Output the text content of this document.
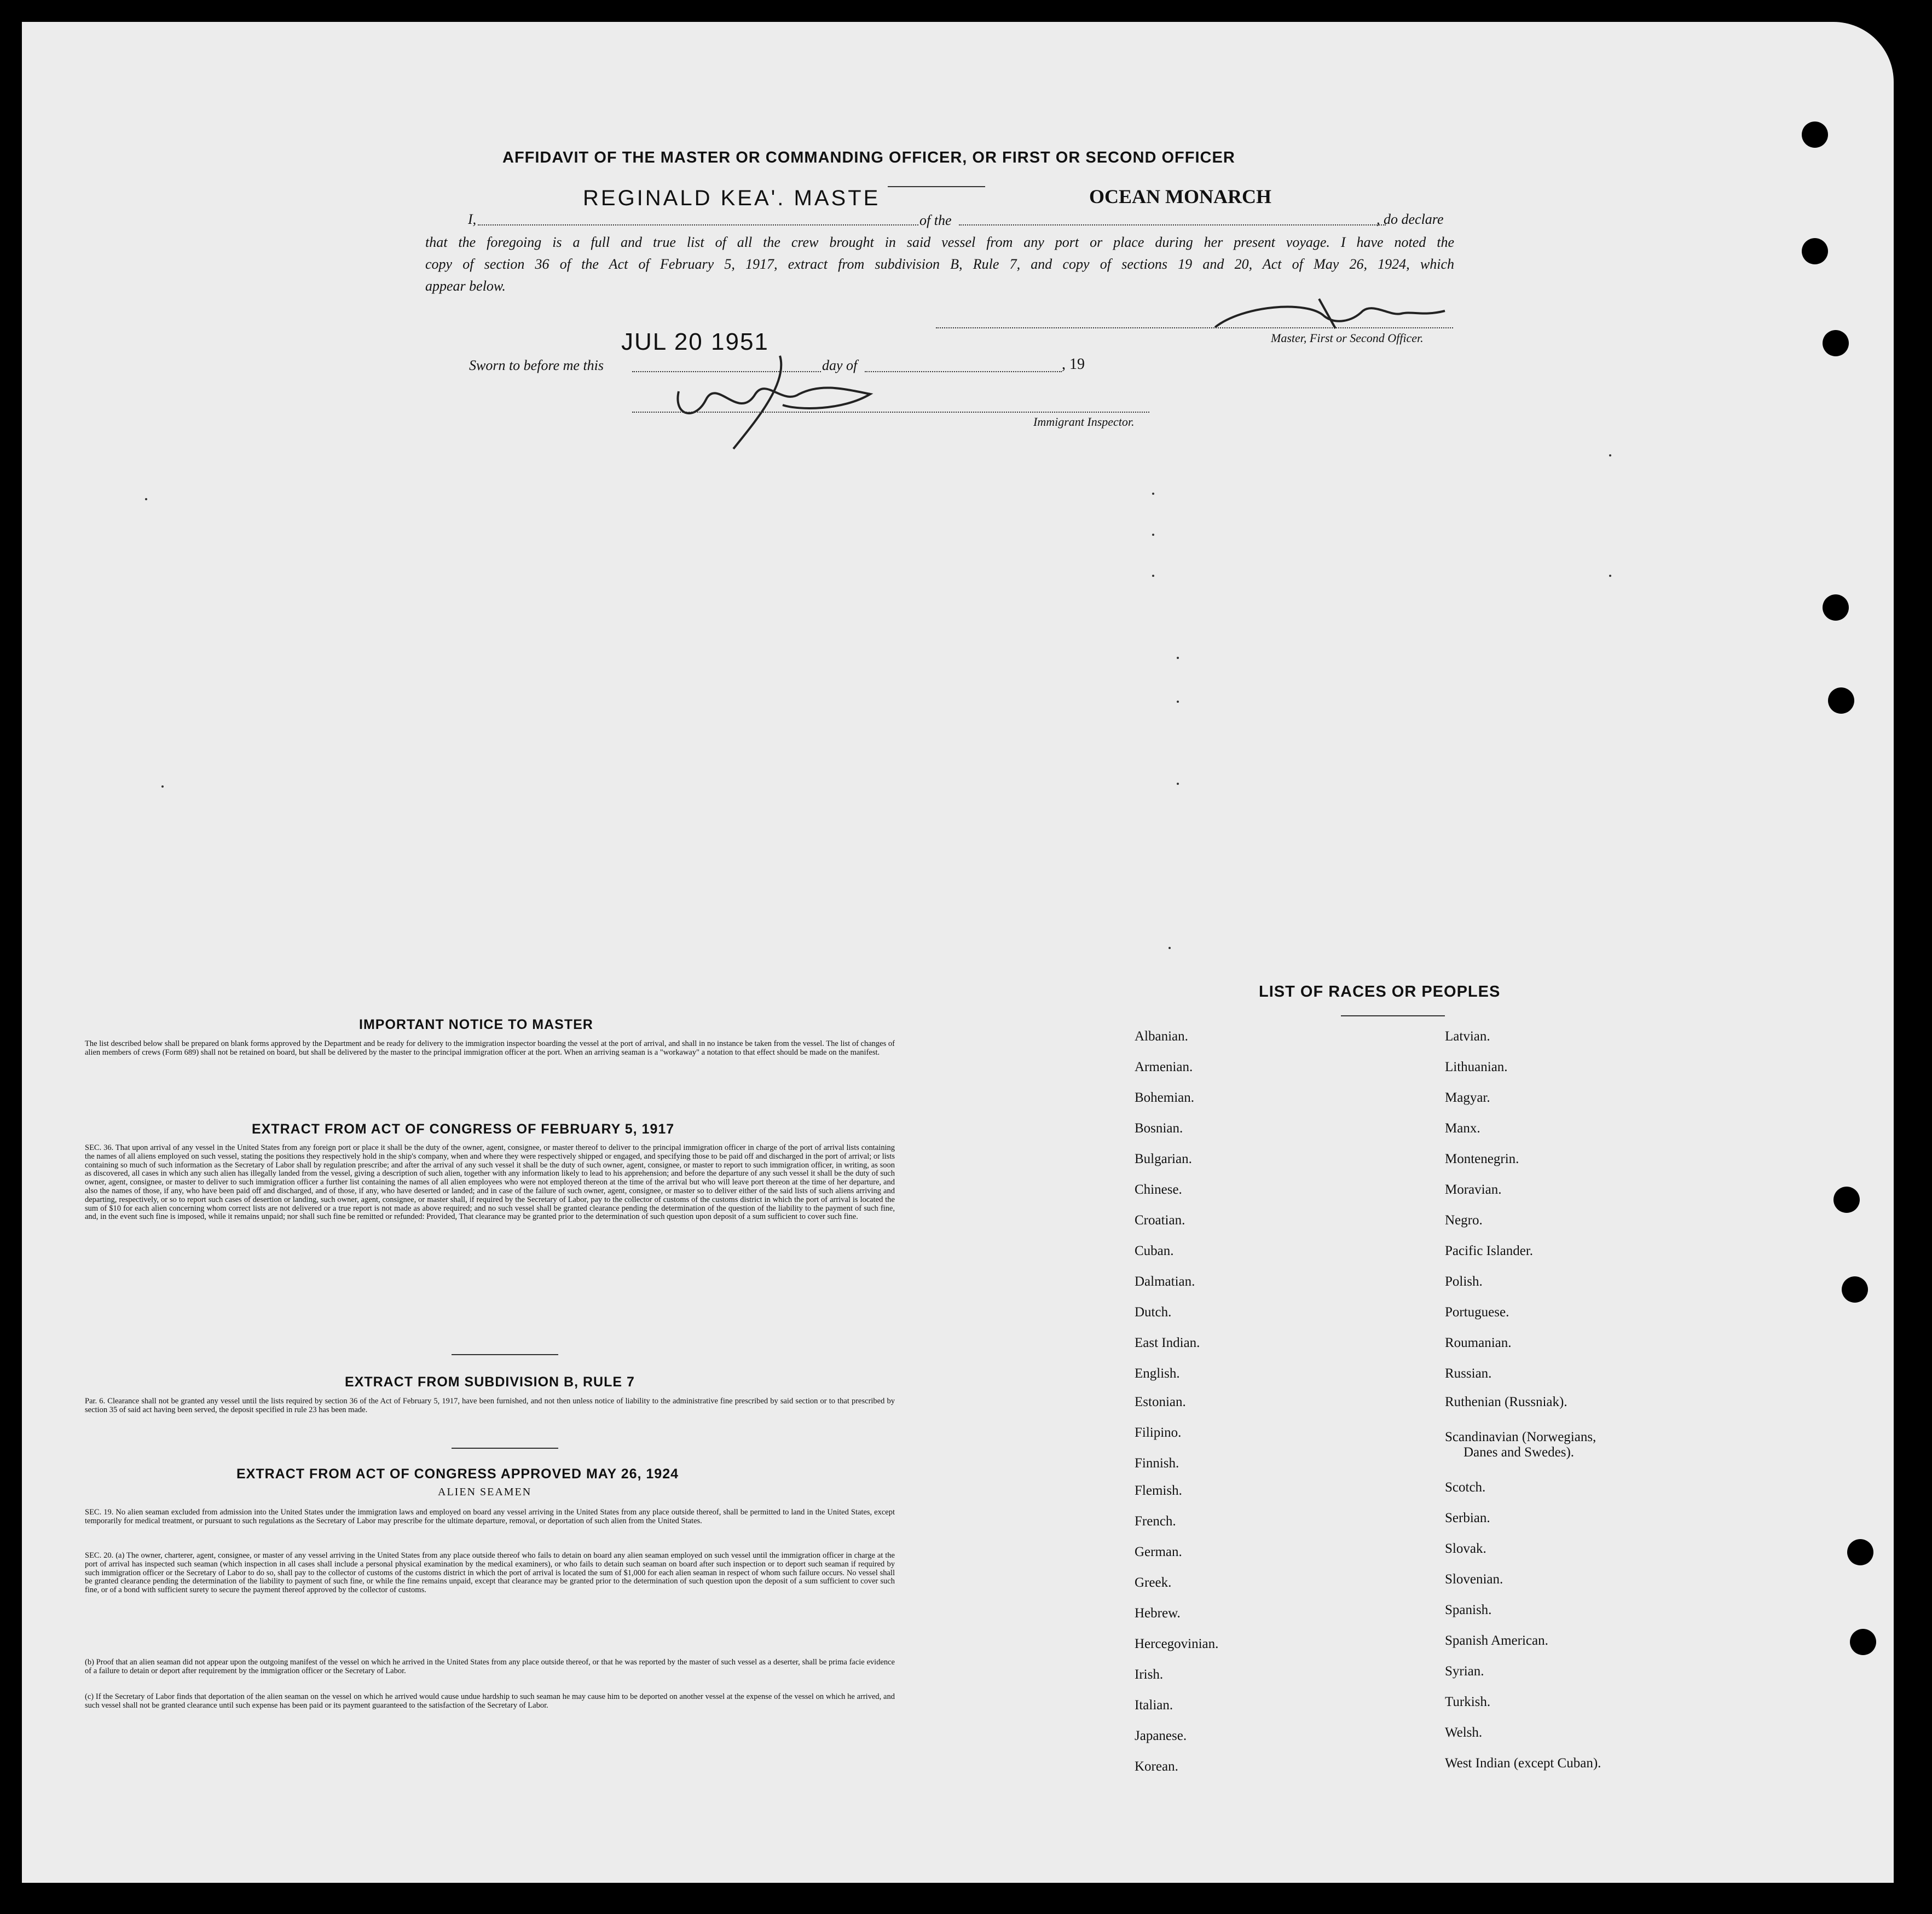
AFFIDAVIT OF THE MASTER OR COMMANDING OFFICER, OR FIRST OR SECOND OFFICER
REGINALD KEA'. MASTE	OCEAN MONARCH
I,	of the	, do declare
that the foregoing is a full and true list of all the crew brought in said vessel from any port or place during her present voyage. I have noted the
copy of section 36 of the Act of February 5, 1917, extract from subdivision B, Rule 7, and copy of sections 19 and 20, Act of May 26, 1924, which
appear below.
Master, First or Second Officer.
JUL 20 1951
Sworn to before me this	day of	, 19
Immigrant Inspector.
IMPORTANT NOTICE TO MASTER
The list described below shall be prepared on blank forms approved by the Department and be ready for delivery to the immigration inspector boarding the vessel at the port of arrival, and shall in no instance be taken from the vessel. The list of changes of alien members of crews (Form 689) shall not be retained on board, but shall be delivered by the master to the principal immigration officer at the port. When an arriving seaman is a "workaway" a notation to that effect should be made on the manifest.
EXTRACT FROM ACT OF CONGRESS OF FEBRUARY 5, 1917
SEC. 36. That upon arrival of any vessel in the United States from any foreign port or place it shall be the duty of the owner, agent, consignee, or master thereof to deliver to the principal immigration officer in charge of the port of arrival lists containing the names of all aliens employed on such vessel, stating the positions they respectively hold in the ship's company, when and where they were respectively shipped or engaged, and specifying those to be paid off and discharged in the port of arrival; or lists containing so much of such information as the Secretary of Labor shall by regulation prescribe; and after the arrival of any such vessel it shall be the duty of such owner, agent, consignee, or master to report to such immigration officer, in writing, as soon as discovered, all cases in which any such alien has illegally landed from the vessel, giving a description of such alien, together with any information likely to lead to his apprehension; and before the departure of any such vessel it shall be the duty of such owner, agent, consignee, or master to deliver to such immigration officer a further list containing the names of all alien employees who were not employed thereon at the time of the arrival but who will leave port thereon at the time of her departure, and also the names of those, if any, who have been paid off and discharged, and of those, if any, who have deserted or landed; and in case of the failure of such owner, agent, consignee, or master so to deliver either of the said lists of such aliens arriving and departing, respectively, or so to report such cases of desertion or landing, such owner, agent, consignee, or master shall, if required by the Secretary of Labor, pay to the collector of customs of the customs district in which the port of arrival is located the sum of $10 for each alien concerning whom correct lists are not delivered or a true report is not made as above required; and no such vessel shall be granted clearance pending the determination of the question of the liability to the payment of such fine, and, in the event such fine is imposed, while it remains unpaid; nor shall such fine be remitted or refunded: Provided, That clearance may be granted prior to the determination of such question upon deposit of a sum sufficient to cover such fine.
EXTRACT FROM SUBDIVISION B, RULE 7
Par. 6. Clearance shall not be granted any vessel until the lists required by section 36 of the Act of February 5, 1917, have been furnished, and not then unless notice of liability to the administrative fine prescribed by said section or to that prescribed by section 35 of said act having been served, the deposit specified in rule 23 has been made.
EXTRACT FROM ACT OF CONGRESS APPROVED MAY 26, 1924
ALIEN SEAMEN
SEC. 19. No alien seaman excluded from admission into the United States under the immigration laws and employed on board any vessel arriving in the United States from any place outside thereof, shall be permitted to land in the United States, except temporarily for medical treatment, or pursuant to such regulations as the Secretary of Labor may prescribe for the ultimate departure, removal, or deportation of such alien from the United States.
SEC. 20. (a) The owner, charterer, agent, consignee, or master of any vessel arriving in the United States from any place outside thereof who fails to detain on board any alien seaman employed on such vessel until the immigration officer in charge at the port of arrival has inspected such seaman (which inspection in all cases shall include a personal physical examination by the medical examiners), or who fails to detain such seaman on board after such inspection or to deport such seaman if required by such immigration officer or the Secretary of Labor to do so, shall pay to the collector of customs of the customs district in which the port of arrival is located the sum of $1,000 for each alien seaman in respect of whom such failure occurs. No vessel shall be granted clearance pending the determination of the liability to payment of such fine, or while the fine remains unpaid, except that clearance may be granted prior to the determination of such question upon the deposit of a sum sufficient to cover such fine, or of a bond with sufficient surety to secure the payment thereof approved by the collector of customs.
(b) Proof that an alien seaman did not appear upon the outgoing manifest of the vessel on which he arrived in the United States from any place outside thereof, or that he was reported by the master of such vessel as a deserter, shall be prima facie evidence of a failure to detain or deport after requirement by the immigration officer or the Secretary of Labor.
(c) If the Secretary of Labor finds that deportation of the alien seaman on the vessel on which he arrived would cause undue hardship to such seaman he may cause him to be deported on another vessel at the expense of the vessel on which he arrived, and such vessel shall not be granted clearance until such expense has been paid or its payment guaranteed to the satisfaction of the Secretary of Labor.
LIST OF RACES OR PEOPLES
Albanian.
Armenian.
Bohemian.
Bosnian.
Bulgarian.
Chinese.
Croatian.
Cuban.
Dalmatian.
Dutch.
East Indian.
English.
Estonian.
Filipino.
Finnish.
Flemish.
French.
German.
Greek.
Hebrew.
Hercegovinian.
Irish.
Italian.
Japanese.
Korean.
Latvian.
Lithuanian.
Magyar.
Manx.
Montenegrin.
Moravian.
Negro.
Pacific Islander.
Polish.
Portuguese.
Roumanian.
Russian.
Ruthenian (Russniak).
Scandinavian (Norwegians,
Danes and Swedes).
Scotch.
Serbian.
Slovak.
Slovenian.
Spanish.
Spanish American.
Syrian.
Turkish.
Welsh.
West Indian (except Cuban).
